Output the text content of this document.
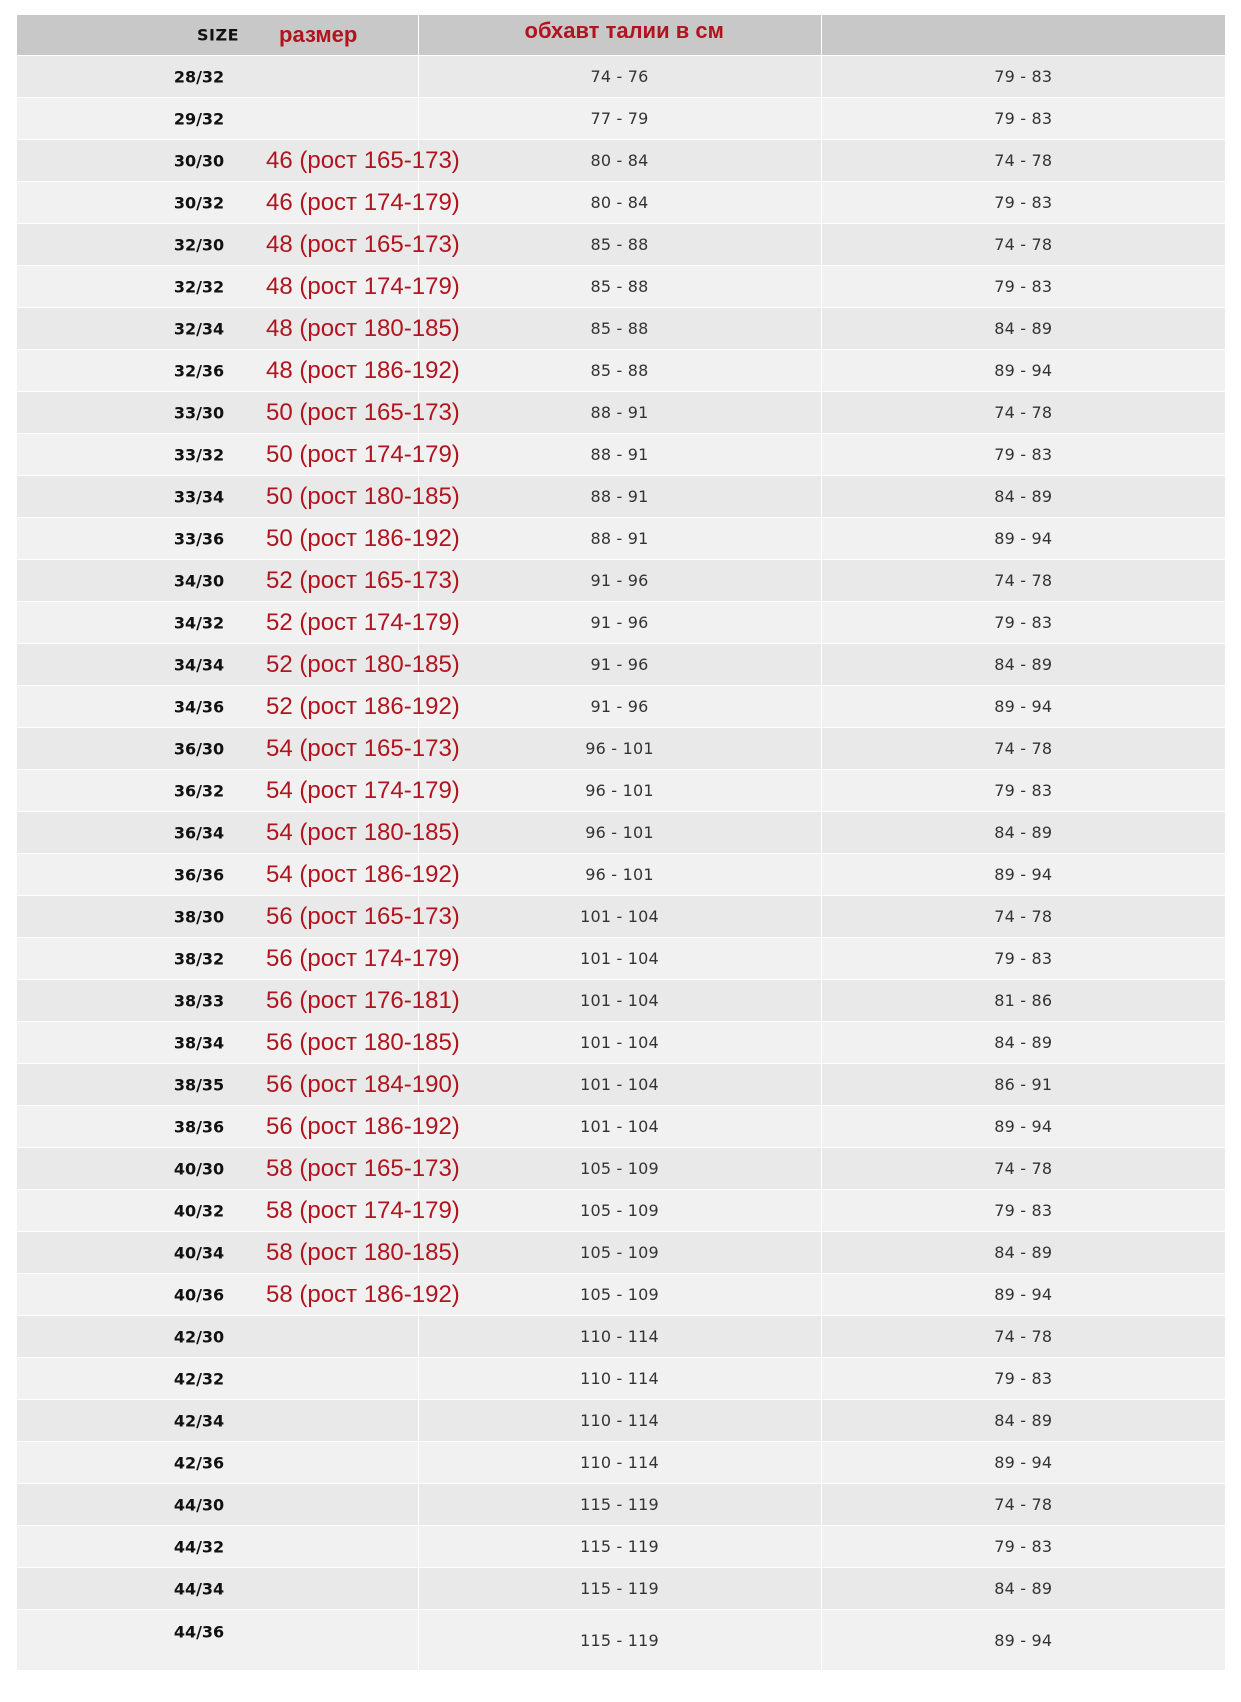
SIZE размер	обхавт талии в см	

28/32	74 - 76	79 - 83

29/32	77 - 79	79 - 83

30/30 46 (рост 165-173)	80 - 84	74 - 78

30/32 46 (рост 174-179)	80 - 84	79 - 83

32/30 48 (рост 165-173)	85 - 88	74 - 78

32/32 48 (рост 174-179)	85 - 88	79 - 83

32/34 48 (рост 180-185)	85 - 88	84 - 89

32/36 48 (рост 186-192)	85 - 88	89 - 94

33/30 50 (рост 165-173)	88 - 91	74 - 78

33/32 50 (рост 174-179)	88 - 91	79 - 83

33/34 50 (рост 180-185)	88 - 91	84 - 89

33/36 50 (рост 186-192)	88 - 91	89 - 94

34/30 52 (рост 165-173)	91 - 96	74 - 78

34/32 52 (рост 174-179)	91 - 96	79 - 83

34/34 52 (рост 180-185)	91 - 96	84 - 89

34/36 52 (рост 186-192)	91 - 96	89 - 94

36/30 54 (рост 165-173)	96 - 101	74 - 78

36/32 54 (рост 174-179)	96 - 101	79 - 83

36/34 54 (рост 180-185)	96 - 101	84 - 89

36/36 54 (рост 186-192)	96 - 101	89 - 94

38/30 56 (рост 165-173)	101 - 104	74 - 78

38/32 56 (рост 174-179)	101 - 104	79 - 83

38/33 56 (рост 176-181)	101 - 104	81 - 86

38/34 56 (рост 180-185)	101 - 104	84 - 89

38/35 56 (рост 184-190)	101 - 104	86 - 91

38/36 56 (рост 186-192)	101 - 104	89 - 94

40/30 58 (рост 165-173)	105 - 109	74 - 78

40/32 58 (рост 174-179)	105 - 109	79 - 83

40/34 58 (рост 180-185)	105 - 109	84 - 89

40/36 58 (рост 186-192)	105 - 109	89 - 94

42/30	110 - 114	74 - 78

42/32	110 - 114	79 - 83

42/34	110 - 114	84 - 89

42/36	110 - 114	89 - 94

44/30	115 - 119	74 - 78

44/32	115 - 119	79 - 83

44/34	115 - 119	84 - 89

44/36	115 - 119	89 - 94
